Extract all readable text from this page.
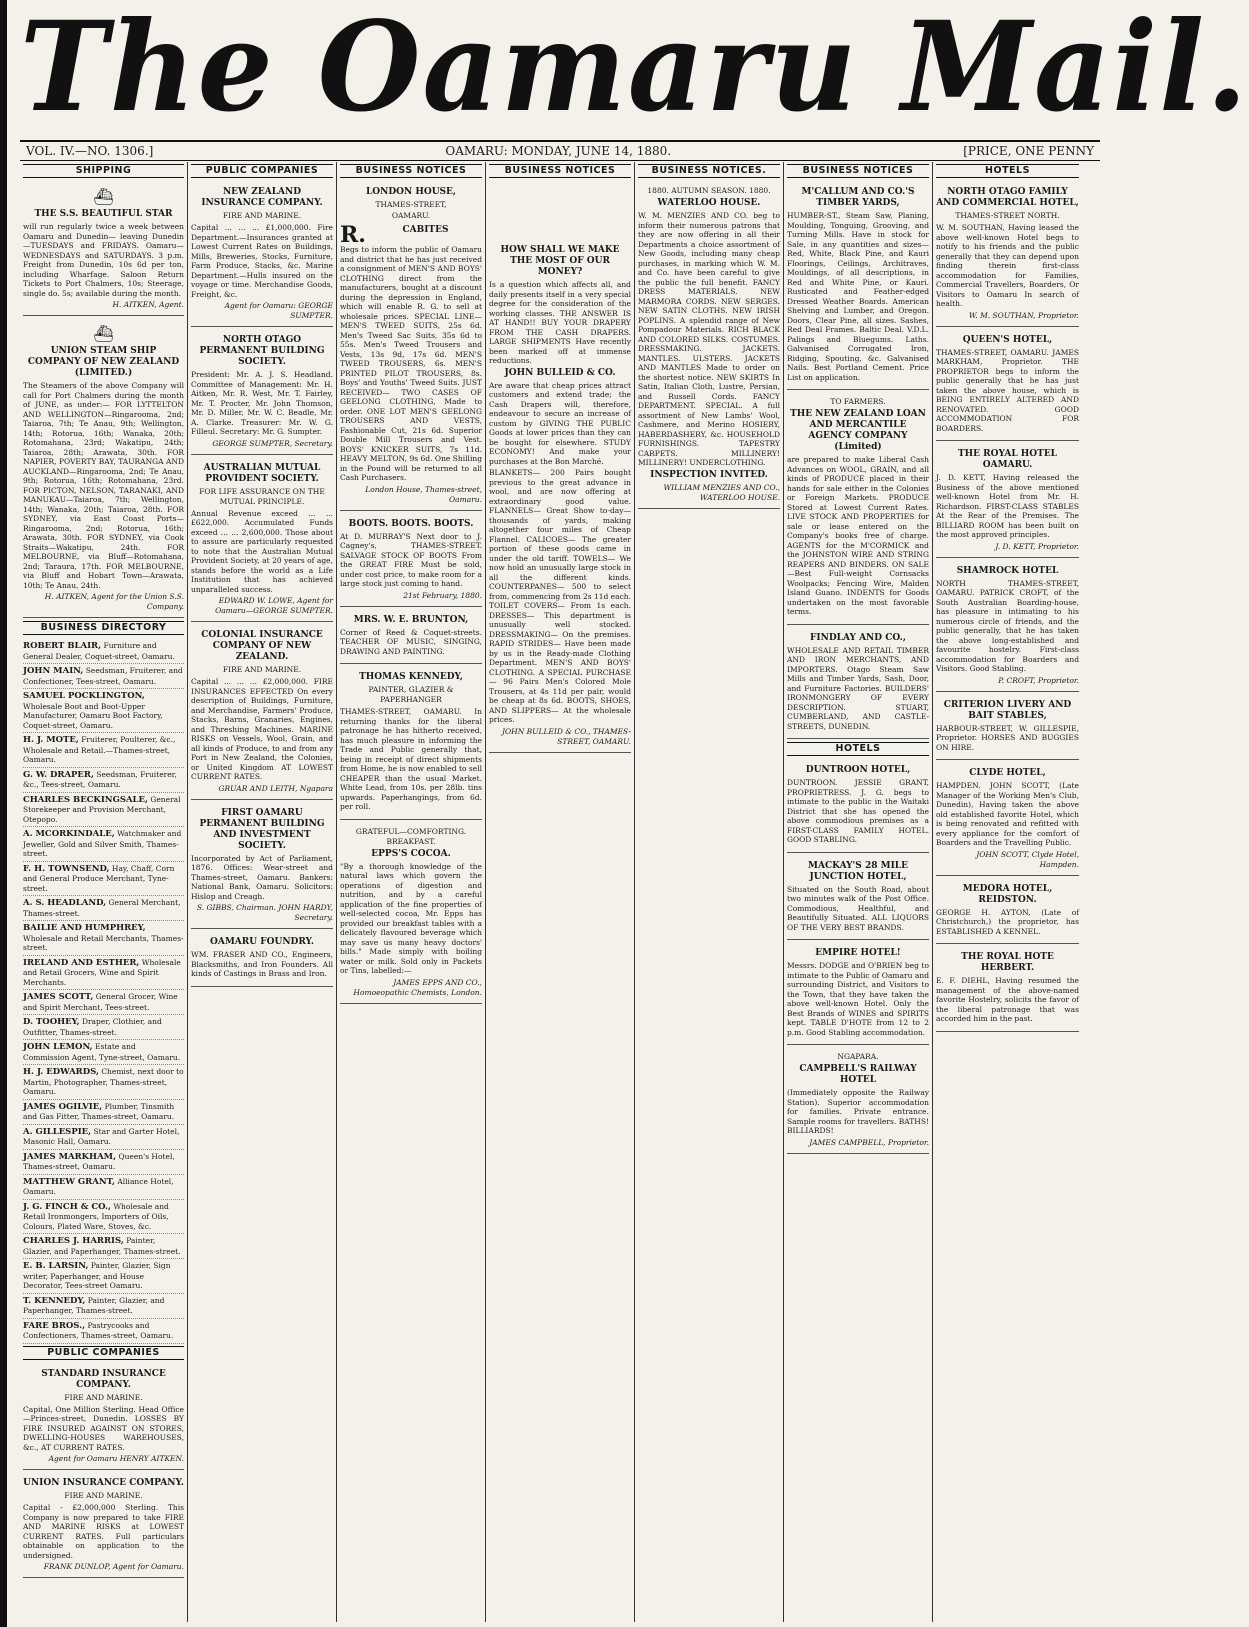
The Oamaru Mail.
VOL. IV.—NO. 1306.]	OAMARU: MONDAY, JUNE 14, 1880.	[PRICE, ONE PENNY
SHIPPING
⛴
THE S.S. BEAUTIFUL STAR
will run regularly twice a week between Oamaru and Dunedin— leaving Dunedin—TUESDAYS and FRIDAYS. Oamaru—WEDNESDAYS and SATURDAYS. 3 p.m. Freight from Dunedin, 10s 6d per ton, including Wharfage. Saloon Return Tickets to Port Chalmers, 10s; Steerage, single do. 5s; available during the month.
H. AITKEN, Agent.
⛴
UNION STEAM SHIP COMPANY OF NEW ZEALAND (LIMITED.)
The Steamers of the above Company will call for Port Chalmers during the month of JUNE, as under:— FOR LYTTELTON AND WELLINGTON—Ringarooma, 2nd; Taiaroa, 7th; Te Anau, 9th; Wellington, 14th; Rotorua, 16th; Wanaka, 20th; Rotomahana, 23rd; Wakatipu, 24th; Taiaroa, 28th; Arawata, 30th. FOR NAPIER, POVERTY BAY, TAURANGA AND AUCKLAND—Ringarooma, 2nd; Te Anau, 9th; Rotorua, 16th; Rotomahana, 23rd. FOR PICTON, NELSON, TARANAKI, AND MANUKAU—Taiaroa, 7th; Wellington, 14th; Wanaka, 20th; Taiaroa, 28th. FOR SYDNEY, via East Coast Ports—Ringarooma, 2nd; Rotorua, 16th; Arawata, 30th. FOR SYDNEY, via Cook Straits—Wakatipu, 24th. FOR MELBOURNE, via Bluff—Rotomahana, 2nd; Taraura, 17th. FOR MELBOURNE, via Bluff and Hobart Town—Arawata, 10th; Te Anau, 24th.
H. AITKEN, Agent for the Union S.S. Company.
BUSINESS DIRECTORY
ROBERT BLAIR, Furniture and General Dealer, Coquet-street, Oamaru.
JOHN MAIN, Seedsman, Fruiterer, and Confectioner, Tees-street, Oamaru.
SAMUEL POCKLINGTON, Wholesale Boot and Boot-Upper Manufacturer, Oamaru Boot Factory, Coquet-street, Oamaru.
H. J. MOTE, Fruiterer, Poulterer, &c., Wholesale and Retail.—Thames-street, Oamaru.
G. W. DRAPER, Seedsman, Fruiterer, &c., Tees-street, Oamaru.
CHARLES BECKINGSALE, General Storekeeper and Provision Merchant, Otepopo.
A. MCORKINDALE, Watchmaker and Jeweller, Gold and Silver Smith, Thames-street.
F. H. TOWNSEND, Hay, Chaff, Corn and General Produce Merchant, Tyne-street.
A. S. HEADLAND, General Merchant, Thames-street.
BAILIE AND HUMPHREY, Wholesale and Retail Merchants, Thames-street.
IRELAND AND ESTHER, Wholesale and Retail Grocers, Wine and Spirit Merchants.
JAMES SCOTT, General Grocer, Wine and Spirit Merchant, Tees-street.
D. TOOHEY, Draper, Clothier, and Outfitter, Thames-street.
JOHN LEMON, Estate and Commission Agent, Tyne-street, Oamaru.
H. J. EDWARDS, Chemist, next door to Martin, Photographer, Thames-street, Oamaru.
JAMES OGILVIE, Plumber, Tinsmith and Gas Fitter, Thames-street, Oamaru.
A. GILLESPIE, Star and Garter Hotel, Masonic Hall, Oamaru.
JAMES MARKHAM, Queen's Hotel, Thames-street, Oamaru.
MATTHEW GRANT, Alliance Hotel, Oamaru.
J. G. FINCH & CO., Wholesale and Retail Ironmongers, Importers of Oils, Colours, Plated Ware, Stoves, &c.
CHARLES J. HARRIS, Painter, Glazier, and Paperhanger, Thames-street.
E. B. LARSIN, Painter, Glazier, Sign writer, Paperhanger, and House Decorator, Tees-street Oamaru.
T. KENNEDY, Painter, Glazier, and Paperhanger, Thames-street.
FARE BROS., Pastrycooks and Confectioners, Thames-street, Oamaru.
PUBLIC COMPANIES
STANDARD INSURANCE COMPANY.
FIRE AND MARINE.
Capital, One Million Sterling. Head Office—Princes-street, Dunedin. LOSSES BY FIRE INSURED AGAINST ON STORES, DWELLING-HOUSES WAREHOUSES, &c., AT CURRENT RATES.
Agent for Oamaru HENRY AITKEN.
UNION INSURANCE COMPANY.
FIRE AND MARINE.
Capital - £2,000,000 Sterling. This Company is now prepared to take FIRE AND MARINE RISKS at LOWEST CURRENT RATES. Full particulars obtainable on application to the undersigned.
FRANK DUNLOP, Agent for Oamaru.
PUBLIC COMPANIES
NEW ZEALAND INSURANCE COMPANY.
FIRE AND MARINE.
Capital ... ... ... £1,000,000. Fire Department.—Insurances granted at Lowest Current Rates on Buildings, Mills, Breweries, Stocks, Furniture, Farm Produce, Stacks, &c. Marine Department.—Hulls insured on the voyage or time. Merchandise Goods, Freight, &c.
Agent for Oamaru: GEORGE SUMPTER.
NORTH OTAGO PERMANENT BUILDING SOCIETY.
President: Mr. A. J. S. Headland. Committee of Management: Mr. H. Aitken, Mr. R. West, Mr. T. Fairley, Mr. T. Procter, Mr. John Thomson, Mr. D. Miller, Mr. W. C. Beadle, Mr. A. Clarke. Treasurer: Mr. W. G. Filleul. Secretary: Mr. G. Sumpter.
GEORGE SUMPTER, Secretary.
AUSTRALIAN MUTUAL PROVIDENT SOCIETY.
FOR LIFE ASSURANCE ON THE MUTUAL PRINCIPLE.
Annual Revenue exceed ... ... £622,000. Accumulated Funds exceed ... ... 2,600,000. Those about to assure are particularly requested to note that the Australian Mutual Provident Society, at 20 years of age, stands before the world as a Life Institution that has achieved unparalleled success.
EDWARD W. LOWE, Agent for Oamaru—GEORGE SUMPTER.
COLONIAL INSURANCE COMPANY OF NEW ZEALAND.
FIRE AND MARINE.
Capital ... ... ... £2,000,000. FIRE INSURANCES EFFECTED On every description of Buildings, Furniture, and Merchandise, Farmers' Produce, Stacks, Barns, Granaries, Engines, and Threshing Machines. MARINE RISKS on Vessels, Wool, Grain, and all kinds of Produce, to and from any Port in New Zealand, the Colonies, or United Kingdom AT LOWEST CURRENT RATES.
GRUAR AND LEITH, Ngapara
FIRST OAMARU PERMANENT BUILDING AND INVESTMENT SOCIETY.
Incorporated by Act of Parliament, 1876. Offices: Wear-street and Thames-street, Oamaru. Bankers: National Bank, Oamaru. Solicitors: Hislop and Creagh.
S. GIBBS, Chairman. JOHN HARDY, Secretary.
OAMARU FOUNDRY.
WM. FRASER AND CO., Engineers, Blacksmiths, and Iron Founders. All kinds of Castings in Brass and Iron.
BUSINESS NOTICES
LONDON HOUSE,
THAMES-STREET,
OAMARU.
R.	CABITES
Begs to inform the public of Oamaru and district that he has just received a consignment of MEN'S AND BOYS' CLOTHING direct from the manufacturers, bought at a discount during the depression in England, which will enable R. G. to sell at wholesale prices. SPECIAL LINE— MEN'S TWEED SUITS, 25s 6d. Men's Tweed Sac Suits, 35s 6d to 55s. Men's Tweed Trousers and Vests, 13s 9d, 17s 6d. MEN'S TWEED TROUSERS, 6s. MEN'S PRINTED PILOT TROUSERS, 8s. Boys' and Youths' Tweed Suits. JUST RECEIVED— TWO CASES OF GEELONG CLOTHING, Made to order. ONE LOT MEN'S GEELONG TROUSERS AND VESTS, Fashionable Cut, 21s 6d. Superior Double Mill Trousers and Vest. BOYS' KNICKER SUITS, 7s 11d. HEAVY MELTON, 9s 6d. One Shilling in the Pound will be returned to all Cash Purchasers.
London House, Thames-street, Oamaru.
BOOTS. BOOTS. BOOTS.
At D. MURRAY'S Next door to J. Cagney's, THAMES-STREET. SALVAGE STOCK OF BOOTS From the GREAT FIRE Must be sold, under cost price, to make room for a large stock just coming to hand.
21st February, 1880.
MRS. W. E. BRUNTON,
Corner of Reed & Coquet-streets. TEACHER OF MUSIC, SINGING, DRAWING AND PAINTING.
THOMAS KENNEDY,
PAINTER, GLAZIER & PAPERHANGER
THAMES-STREET, OAMARU. In returning thanks for the liberal patronage he has hitherto received, has much pleasure in informing the Trade and Public generally that, being in receipt of direct shipments from Home, he is now enabled to sell CHEAPER than the usual Market. White Lead, from 10s. per 28lb. tins upwards. Paperhangings, from 6d. per roll.
GRATEFUL—COMFORTING. BREAKFAST.
EPPS'S COCOA.
"By a thorough knowledge of the natural laws which govern the operations of digestion and nutrition, and by a careful application of the fine properties of well-selected cocoa, Mr. Epps has provided our breakfast tables with a delicately flavoured beverage which may save us many heavy doctors' bills." Made simply with boiling water or milk. Sold only in Packets or Tins, labelled:—
JAMES EPPS AND CO., Homoeopathic Chemists, London.
BUSINESS NOTICES
HOW SHALL WE MAKE THE MOST OF OUR MONEY?
Is a question which affects all, and daily presents itself in a very special degree for the consideration of the working classes. THE ANSWER IS AT HAND!! BUY YOUR DRAPERY FROM THE CASH DRAPERS. LARGE SHIPMENTS Have recently been marked off at immense reductions.
JOHN BULLEID & CO.
Are aware that cheap prices attract customers and extend trade; the Cash Drapers will, therefore, endeavour to secure an increase of custom by GIVING THE PUBLIC Goods at lower prices than they can be bought for elsewhere. STUDY ECONOMY! And make your purchases at the Bon Marché.
BLANKETS— 200 Pairs bought previous to the great advance in wool, and are now offering at extraordinary good value. FLANNELS— Great Show to-day—thousands of yards, making altogether four miles of Cheap Flannel. CALICOES— The greater portion of these goods came in under the old tariff. TOWELS— We now hold an unusually large stock in all the different kinds. COUNTERPANES— 500 to select from, commencing from 2s 11d each. TOILET COVERS— From 1s each. DRESSES— This department is unusually well stocked. DRESSMAKING— On the premises. RAPID STRIDES— Have been made by us in the Ready-made Clothing Department. MEN'S AND BOYS' CLOTHING. A SPECIAL PURCHASE— 96 Pairs Men's Colored Mole Trousers, at 4s 11d per pair, would be cheap at 8s 6d. BOOTS, SHOES, AND SLIPPERS— At the wholesale prices.
JOHN BULLEID & CO., THAMES-STREET, OAMARU.
BUSINESS NOTICES.
1880. AUTUMN SEASON. 1880.
WATERLOO HOUSE.
W. M. MENZIES AND CO. beg to inform their numerous patrons that they are now offering in all their Departments a choice assortment of New Goods, including many cheap purchases, in marking which W. M. and Co. have been careful to give the public the full benefit. FANCY DRESS MATERIALS. NEW MARMORA CORDS. NEW SERGES. NEW SATIN CLOTHS. NEW IRISH POPLINS. A splendid range of New Pompadour Materials. RICH BLACK AND COLORED SILKS. COSTUMES. DRESSMAKING. JACKETS. MANTLES. ULSTERS. JACKETS AND MANTLES Made to order on the shortest notice. NEW SKIRTS In Satin, Italian Cloth, Lustre, Persian, and Russell Cords. FANCY DEPARTMENT. SPECIAL. A full assortment of New Lambs' Wool, Cashmere, and Merino HOSIERY, HABERDASHERY, &c. HOUSEHOLD FURNISHINGS. TAPESTRY CARPETS. MILLINERY! MILLINERY! UNDERCLOTHING.
INSPECTION INVITED.
WILLIAM MENZIES AND CO., WATERLOO HOUSE.
BUSINESS NOTICES
M'CALLUM AND CO.'S TIMBER YARDS,
HUMBER-ST., Steam Saw, Planing, Moulding, Tonguing, Grooving, and Turning Mills. Have in stock for Sale, in any quantities and sizes— Red, White, Black Pine, and Kauri Floorings, Ceilings, Architraves, Mouldings, of all descriptions, in Red and White Pine, or Kauri. Rusticated and Feather-edged Dressed Weather Boards. American Shelving and Lumber, and Oregon. Doors, Clear Pine, all sizes. Sashes, Red Deal Frames. Baltic Deal. V.D.L. Palings and Bluegums. Laths. Galvanised Corrugated Iron, Ridging, Spouting, &c. Galvanised Nails. Best Portland Cement. Price List on application.
TO FARMERS.
THE NEW ZEALAND LOAN AND MERCANTILE AGENCY COMPANY (Limited)
are prepared to make Liberal Cash Advances on WOOL, GRAIN, and all kinds of PRODUCE placed in their hands for sale either in the Colonies or Foreign Markets. PRODUCE Stored at Lowest Current Rates. LIVE STOCK AND PROPERTIES for sale or lease entered on the Company's books free of charge. AGENTS for the M'CORMICK and the JOHNSTON WIRE AND STRING REAPERS AND BINDERS. ON SALE—Best Full-weight Cornsacks Woolpacks; Fencing Wire, Malden Island Guano. INDENTS for Goods undertaken on the most favorable terms.
FINDLAY AND CO.,
WHOLESALE AND RETAIL TIMBER AND IRON MERCHANTS, AND IMPORTERS. Otago Steam Saw Mills and Timber Yards, Sash, Door, and Furniture Factories. BUILDERS' IRONMONGERY OF EVERY DESCRIPTION. STUART, CUMBERLAND, AND CASTLE-STREETS, DUNEDIN.
HOTELS
DUNTROON HOTEL,
DUNTROON. JESSIE GRANT, PROPRIETRESS. J. G. begs to intimate to the public in the Waitaki District that she has opened the above commodious premises as a FIRST-CLASS FAMILY HOTEL. GOOD STABLING.
MACKAY'S 28 MILE JUNCTION HOTEL,
Situated on the South Road, about two minutes walk of the Post Office. Commodious, Healthful, and Beautifully Situated. ALL LIQUORS OF THE VERY BEST BRANDS.
EMPIRE HOTEL!
Messrs. DODGE and O'BRIEN beg to intimate to the Public of Oamaru and surrounding District, and Visitors to the Town, that they have taken the above well-known Hotel. Only the Best Brands of WINES and SPIRITS kept. TABLE D'HOTE from 12 to 2 p.m. Good Stabling accommodation.
NGAPARA.
CAMPBELL'S RAILWAY HOTEL
(Immediately opposite the Railway Station). Superior accommodation for families. Private entrance. Sample rooms for travellers. BATHS! BILLIARDS!
JAMES CAMPBELL, Proprietor.
HOTELS
NORTH OTAGO FAMILY AND COMMERCIAL HOTEL,
THAMES-STREET NORTH.
W. M. SOUTHAN, Having leased the above well-known Hotel begs to notify to his friends and the public generally that they can depend upon finding therein first-class accommodation for Families, Commercial Travellers, Boarders, Or Visitors to Oamaru In search of health.
W. M. SOUTHAN, Proprietor.
QUEEN'S HOTEL,
THAMES-STREET, OAMARU. JAMES MARKHAM, Proprietor. THE PROPRIETOR begs to inform the public generally that he has just taken the above house, which is BEING ENTIRELY ALTERED AND RENOVATED. GOOD ACCOMMODATION FOR BOARDERS.
THE ROYAL HOTEL OAMARU.
J. D. KETT, Having released the Business of the above mentioned well-known Hotel from Mr. H. Richardson. FIRST-CLASS STABLES At the Rear of the Premises. The BILLIARD ROOM has been built on the most approved principles.
J. D. KETT, Proprietor.
SHAMROCK HOTEL
NORTH THAMES-STREET, OAMARU. PATRICK CROFT, of the South Australian Boarding-house, has pleasure in intimating to his numerous circle of friends, and the public generally, that he has taken the above long-established and favourite hostelry. First-class accommodation for Boarders and Visitors. Good Stabling.
P. CROFT, Proprietor.
CRITERION LIVERY AND BAIT STABLES,
HARBOUR-STREET, W. GILLESPIE, Proprietor. HORSES AND BUGGIES ON HIRE.
CLYDE HOTEL,
HAMPDEN. JOHN SCOTT, (Late Manager of the Working Men's Club, Dunedin), Having taken the above old established favorite Hotel, which is being renovated and refitted with every appliance for the comfort of Boarders and the Travelling Public.
JOHN SCOTT, Clyde Hotel, Hampden.
MEDORA HOTEL, REIDSTON.
GEORGE H. AYTON, (Late of Christchurch,) the proprietor, has ESTABLISHED A KENNEL.
THE ROYAL HOTE HERBERT.
E. F. DIEHL, Having resumed the management of the above-named favorite Hostelry, solicits the favor of the liberal patronage that was accorded him in the past.
